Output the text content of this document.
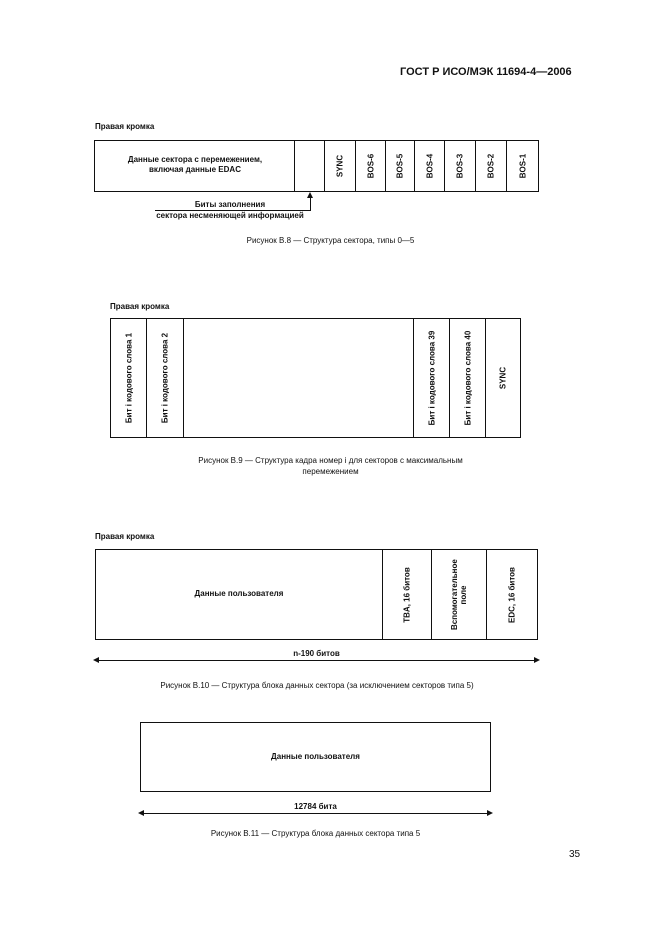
ГОСТ Р ИСО/МЭК 11694-4—2006
Правая кромка
Данные сектора с перемежением,
включая данные EDAC	SYNC	BOS-6	BOS-5	BOS-4	BOS-3	BOS-2	BOS-1
Биты заполнения
сектора несменяющей информацией
Рисунок В.8 — Структура сектора, типы 0—5
Правая кромка
Бит i кодового слова 1	Бит i кодового слова 2	Бит i кодового слова 39	Бит i кодового слова 40	SYNC
Рисунок В.9 — Структура кадра номер i для секторов с максимальным
перемежением
Правая кромка
Данные пользователя	TBA, 16 битов	Вспомогательное поле	EDC, 16 битов
n-190 битов
Рисунок В.10 — Структура блока данных сектора (за исключением секторов типа 5)
Данные пользователя
12784 бита
Рисунок В.11 — Структура блока данных сектора типа 5
35
